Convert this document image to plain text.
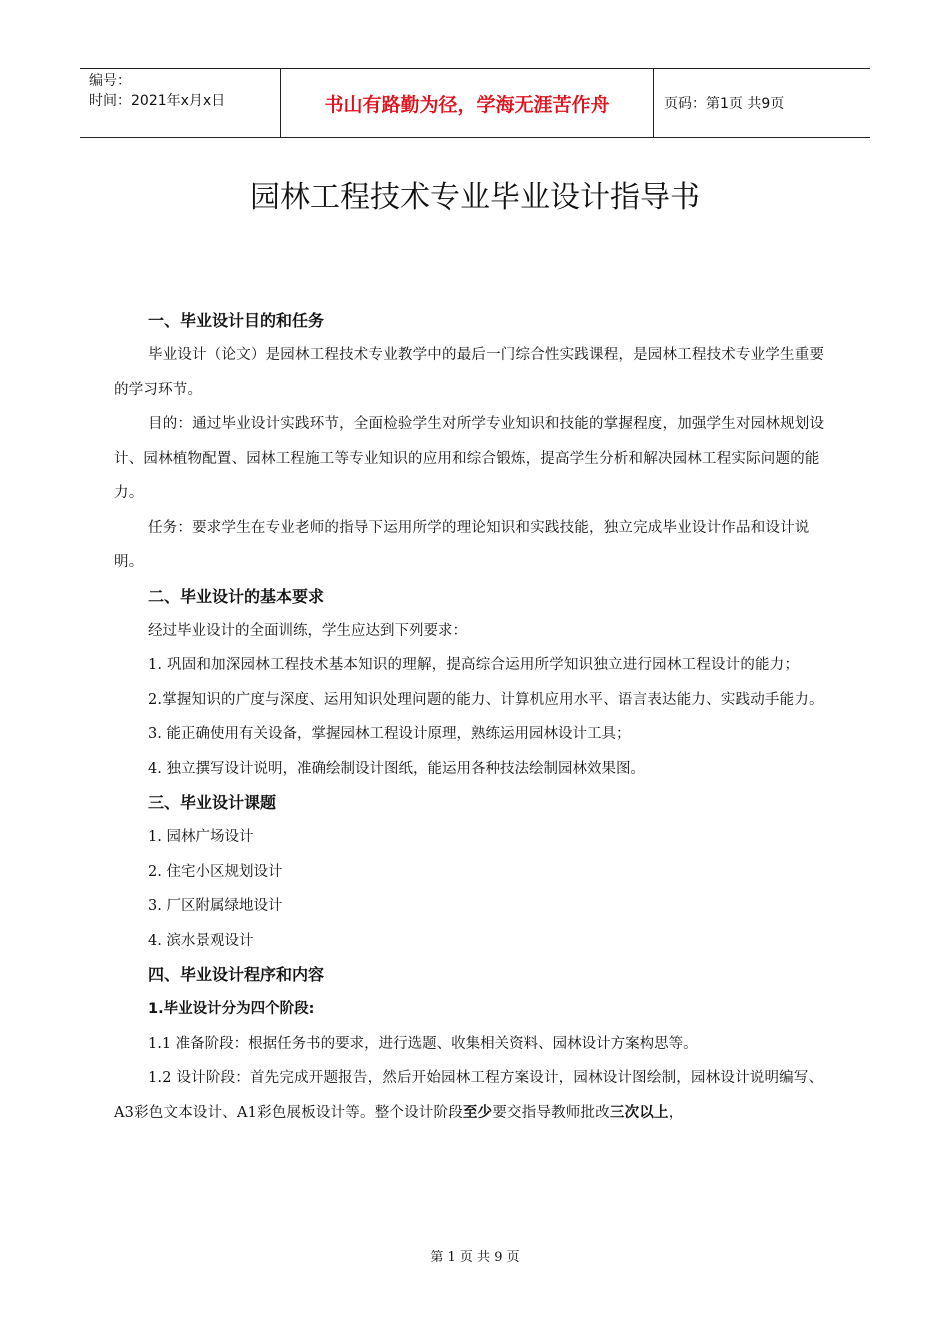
编号：
时间：2021年x月x日	书山有路勤为径，学海无涯苦作舟	页码：第1页 共9页
园林工程技术专业毕业设计指导书
一、毕业设计目的和任务
毕业设计（论文）是园林工程技术专业教学中的最后一门综合性实践课程，是园林工程技术专业学生重要的学习环节。
目的：通过毕业设计实践环节，全面检验学生对所学专业知识和技能的掌握程度，加强学生对园林规划设计、园林植物配置、园林工程施工等专业知识的应用和综合锻炼，提高学生分析和解决园林工程实际问题的能力。
任务：要求学生在专业老师的指导下运用所学的理论知识和实践技能，独立完成毕业设计作品和设计说明。
二、毕业设计的基本要求
经过毕业设计的全面训练，学生应达到下列要求：
1. 巩固和加深园林工程技术基本知识的理解，提高综合运用所学知识独立进行园林工程设计的能力；
2.掌握知识的广度与深度、运用知识处理问题的能力、计算机应用水平、语言表达能力、实践动手能力。
3. 能正确使用有关设备，掌握园林工程设计原理，熟练运用园林设计工具；
4. 独立撰写设计说明，准确绘制设计图纸，能运用各种技法绘制园林效果图。
三、毕业设计课题
1. 园林广场设计
2. 住宅小区规划设计
3. 厂区附属绿地设计
4. 滨水景观设计
四、毕业设计程序和内容
1.毕业设计分为四个阶段:
1.1 准备阶段：根据任务书的要求，进行选题、收集相关资料、园林设计方案构思等。
1.2 设计阶段：首先完成开题报告，然后开始园林工程方案设计，园林设计图绘制，园林设计说明编写、A3彩色文本设计、A1彩色展板设计等。整个设计阶段至少要交指导教师批改三次以上，
第 1 页 共 9 页
